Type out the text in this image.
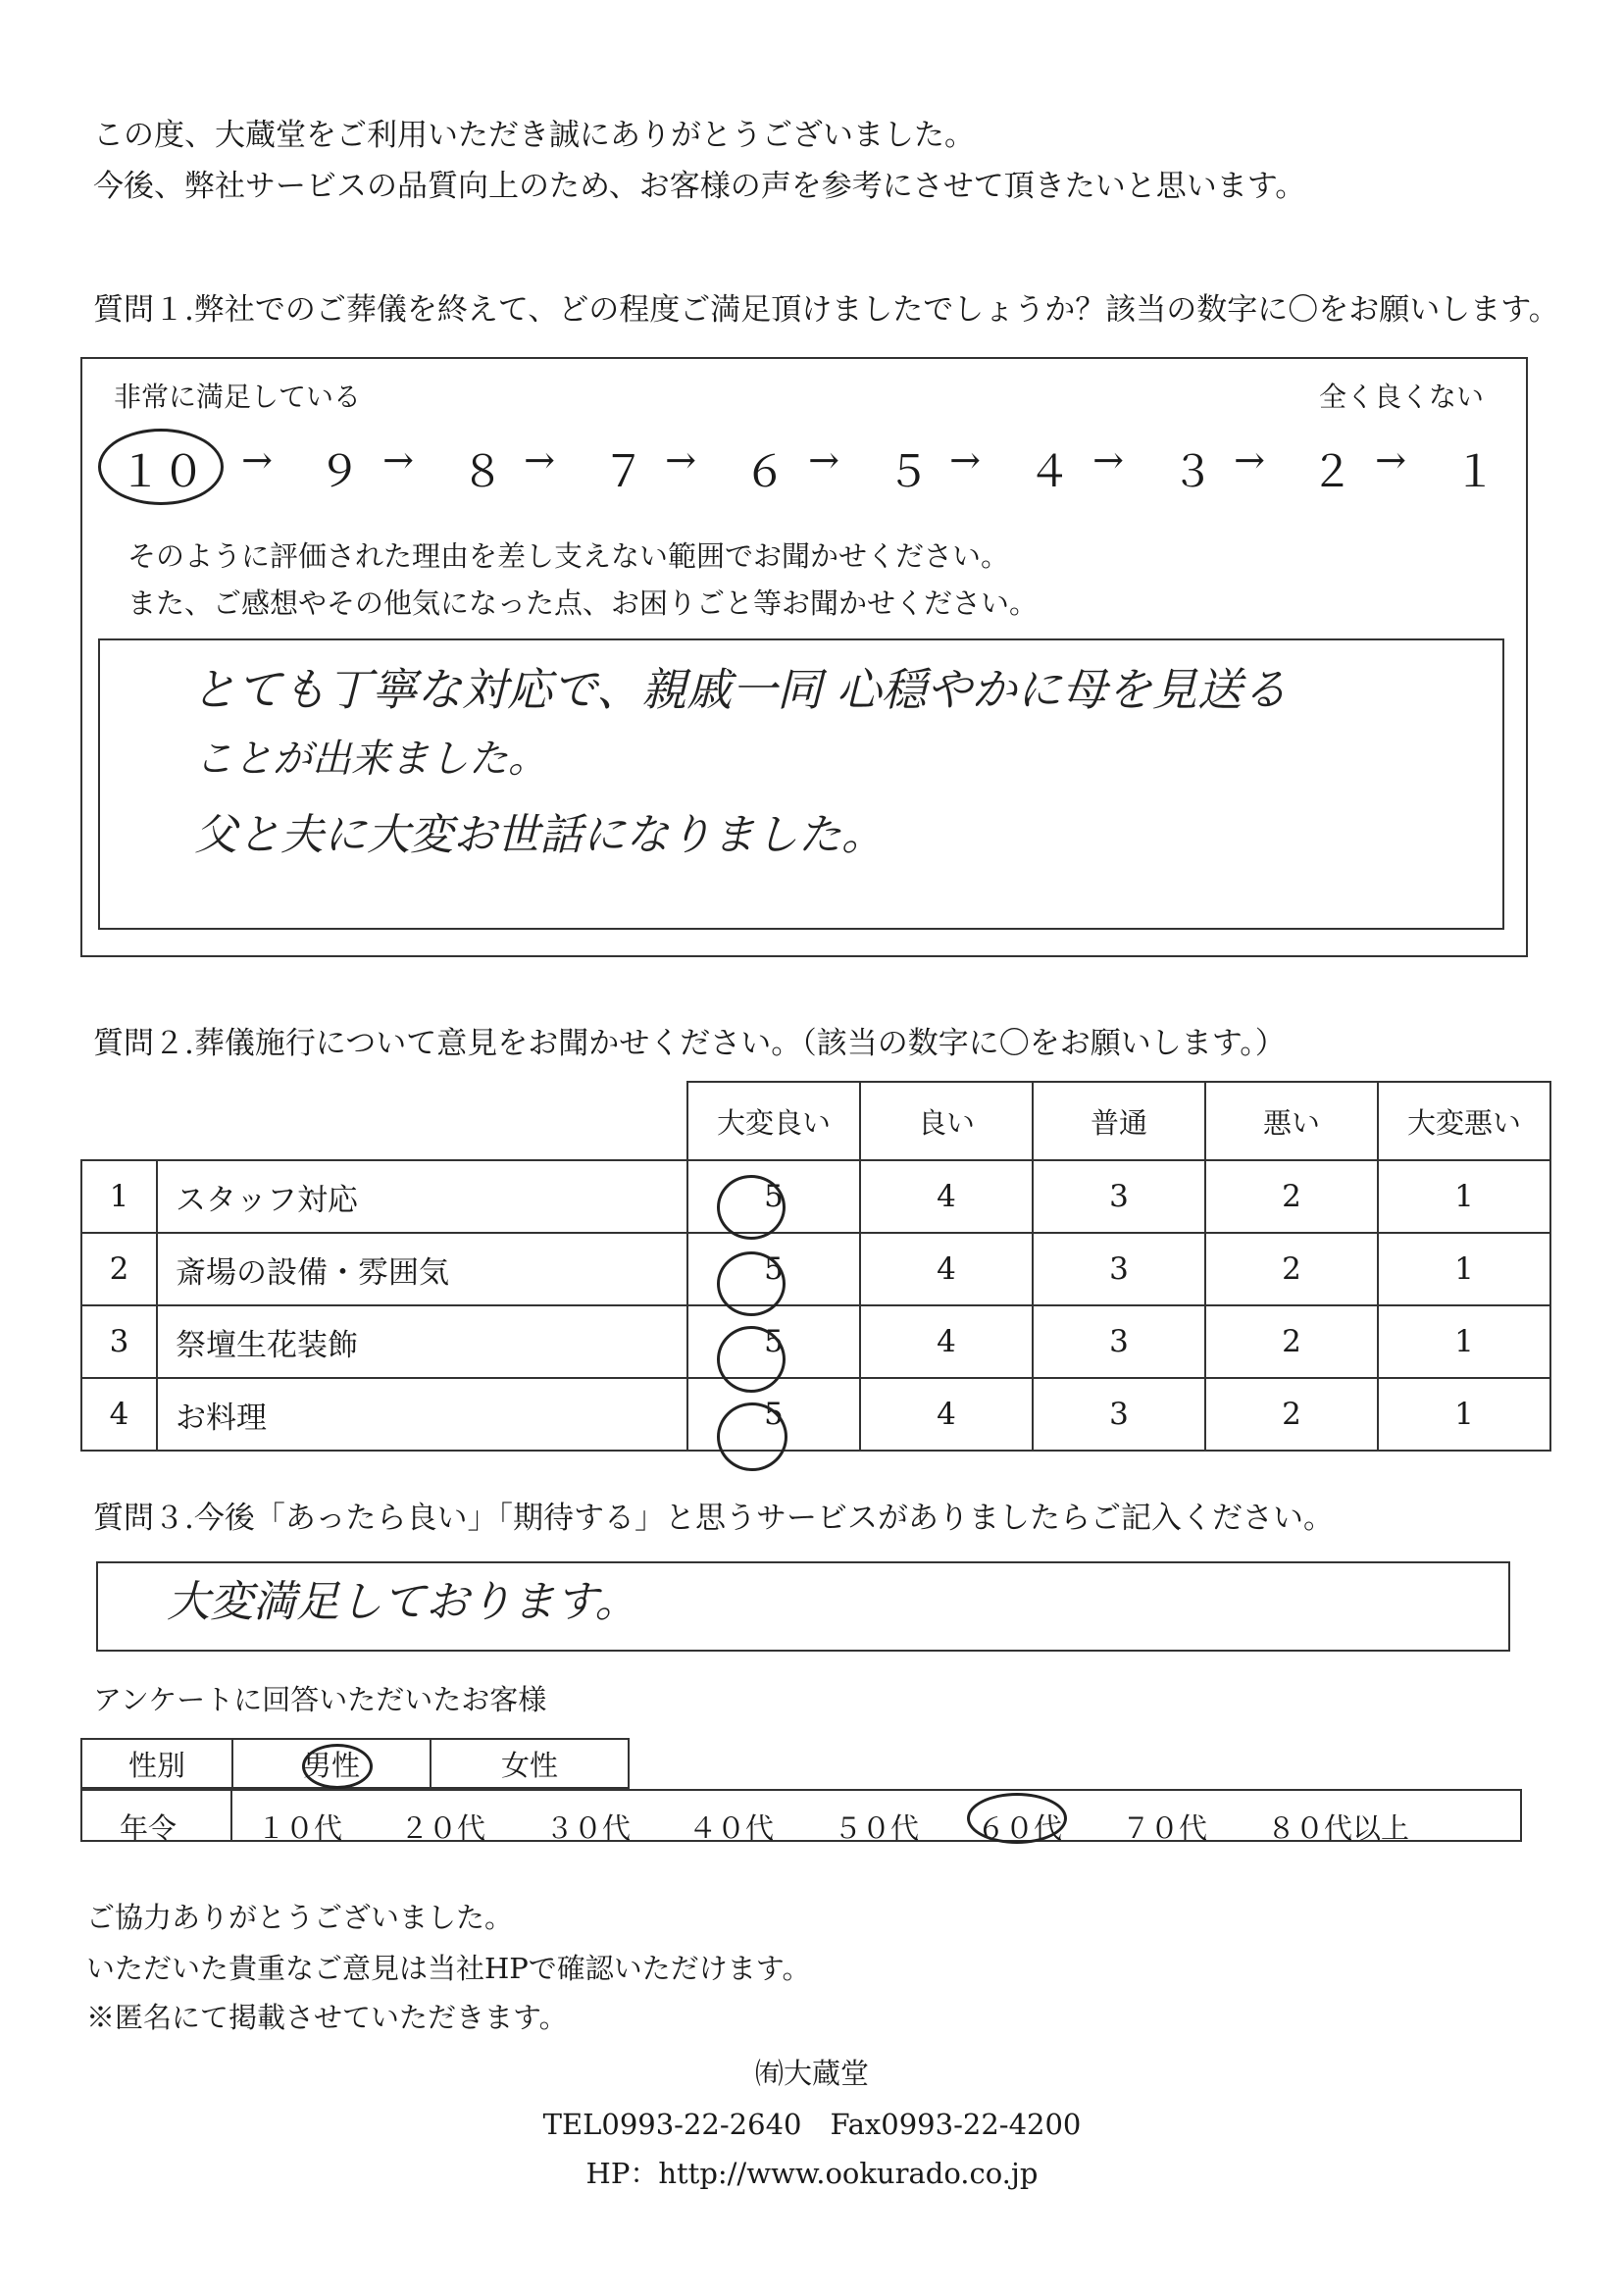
この度、大蔵堂をご利用いただき誠にありがとうございました。
今後、弊社サービスの品質向上のため、お客様の声を参考にさせて頂きたいと思います。
質問１.弊社でのご葬儀を終えて、どの程度ご満足頂けましたでしょうか？該当の数字に〇をお願いします。
非常に満足している	全く良くない
１０ →	９ →	８ →	７ →	６ →	５ →	４ →	３ →	２ →	１
そのように評価された理由を差し支えない範囲でお聞かせください。
また、ご感想やその他気になった点、お困りごと等お聞かせください。
とても丁寧な対応で、親戚一同 心穏やかに母を見送る
ことが出来ました。
父と夫に大変お世話になりました。
質問２.葬儀施行について意見をお聞かせください。（該当の数字に〇をお願いします。）
		大変良い	良い	普通	悪い	大変悪い
1	スタッフ対応	5	4	3	2	1
2	斎場の設備・雰囲気	5	4	3	2	1
3	祭壇生花装飾	5	4	3	2	1
4	お料理	5	4	3	2	1
質問３.今後「あったら良い」「期待する」と思うサービスがありましたらご記入ください。
大変満足しております。
アンケートに回答いただいたお客様
性別	男性	女性
年令	１０代 ２０代 ３０代 ４０代 ５０代 ６０代 ７０代 ８０代以上
ご協力ありがとうございました。
いただいた貴重なご意見は当社HPで確認いただけます。
※匿名にて掲載させていただきます。
㈲大蔵堂
TEL0993-22-2640　Fax0993-22-4200
HP：http://www.ookurado.co.jp
